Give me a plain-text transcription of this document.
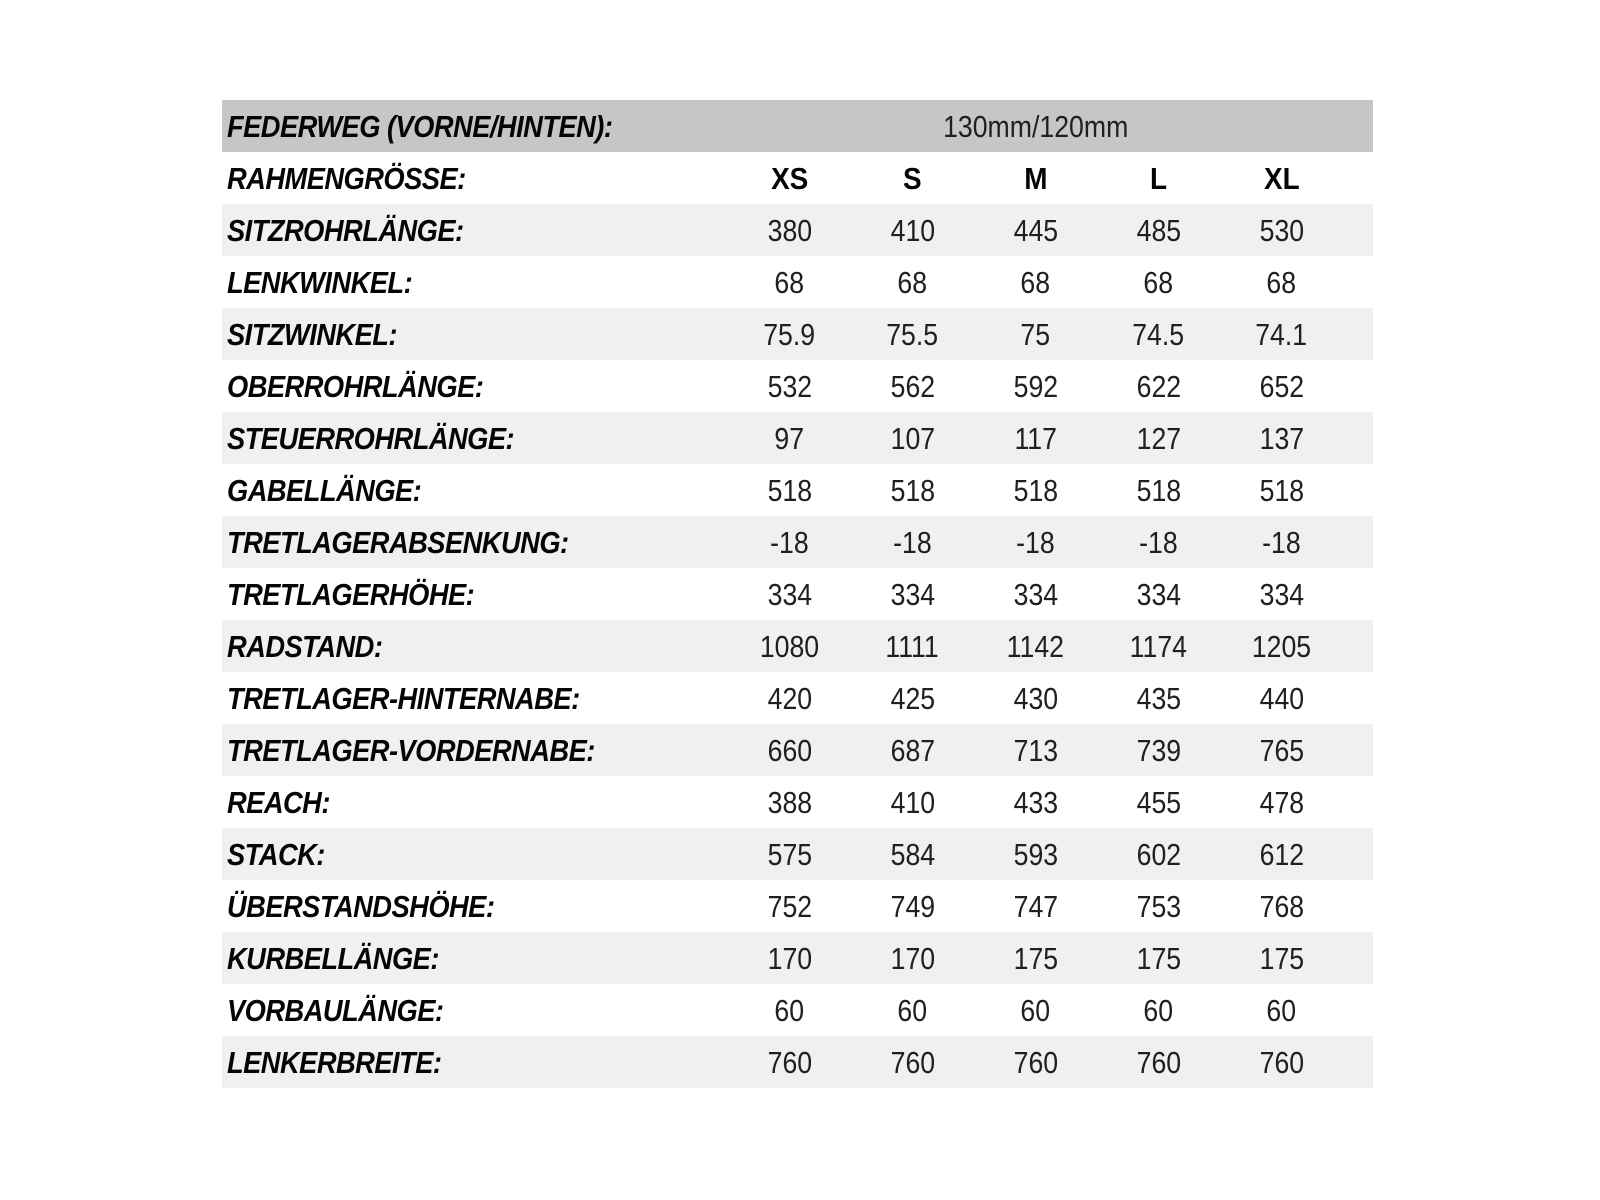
FEDERWEG (VORNE/HINTEN):	130mm/120mm
RAHMENGRÖSSE:	XS	S	M	L	XL
SITZROHRLÄNGE:	380	410	445	485	530
LENKWINKEL:	68	68	68	68	68
SITZWINKEL:	75.9	75.5	75	74.5	74.1
OBERROHRLÄNGE:	532	562	592	622	652
STEUERROHRLÄNGE:	97	107	117	127	137
GABELLÄNGE:	518	518	518	518	518
TRETLAGERABSENKUNG:	-18	-18	-18	-18	-18
TRETLAGERHÖHE:	334	334	334	334	334
RADSTAND:	1080	1111	1142	1174	1205
TRETLAGER-HINTERNABE:	420	425	430	435	440
TRETLAGER-VORDERNABE:	660	687	713	739	765
REACH:	388	410	433	455	478
STACK:	575	584	593	602	612
ÜBERSTANDSHÖHE:	752	749	747	753	768
KURBELLÄNGE:	170	170	175	175	175
VORBAULÄNGE:	60	60	60	60	60
LENKERBREITE:	760	760	760	760	760
